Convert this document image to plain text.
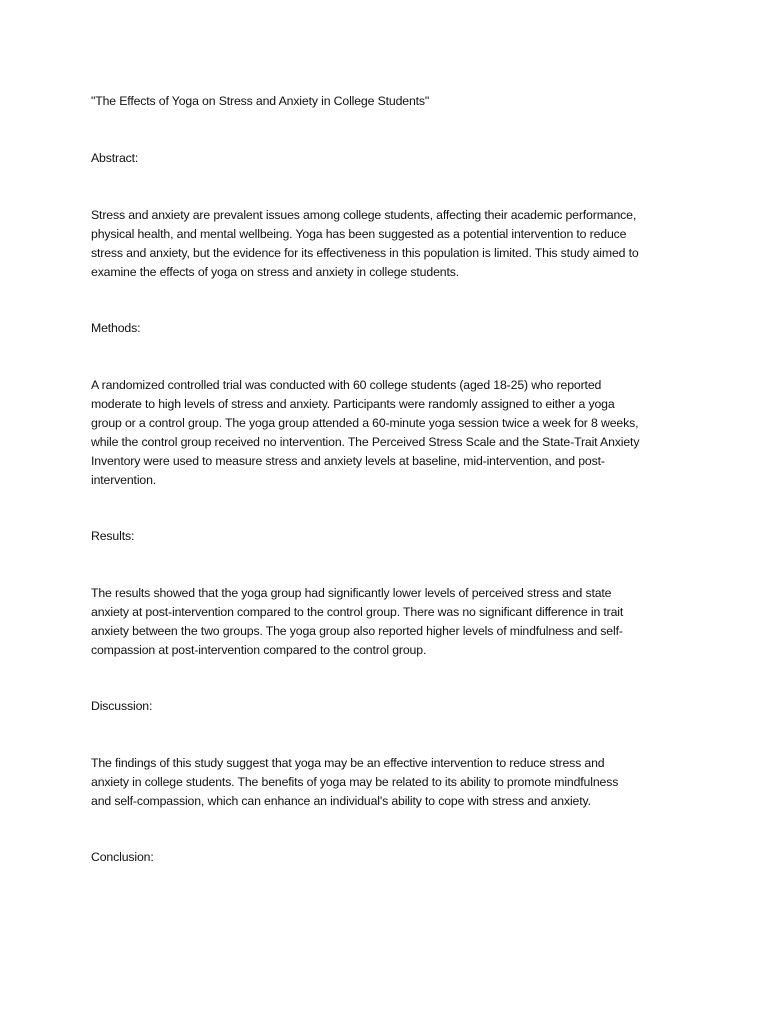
"The Effects of Yoga on Stress and Anxiety in College Students"
Abstract:
Stress and anxiety are prevalent issues among college students, affecting their academic performance,
physical health, and mental wellbeing. Yoga has been suggested as a potential intervention to reduce
stress and anxiety, but the evidence for its effectiveness in this population is limited. This study aimed to
examine the effects of yoga on stress and anxiety in college students.
Methods:
A randomized controlled trial was conducted with 60 college students (aged 18-25) who reported
moderate to high levels of stress and anxiety. Participants were randomly assigned to either a yoga
group or a control group. The yoga group attended a 60-minute yoga session twice a week for 8 weeks,
while the control group received no intervention. The Perceived Stress Scale and the State-Trait Anxiety
Inventory were used to measure stress and anxiety levels at baseline, mid-intervention, and post-
intervention.
Results:
The results showed that the yoga group had significantly lower levels of perceived stress and state
anxiety at post-intervention compared to the control group. There was no significant difference in trait
anxiety between the two groups. The yoga group also reported higher levels of mindfulness and self-
compassion at post-intervention compared to the control group.
Discussion:
The findings of this study suggest that yoga may be an effective intervention to reduce stress and
anxiety in college students. The benefits of yoga may be related to its ability to promote mindfulness
and self-compassion, which can enhance an individual's ability to cope with stress and anxiety.
Conclusion:
